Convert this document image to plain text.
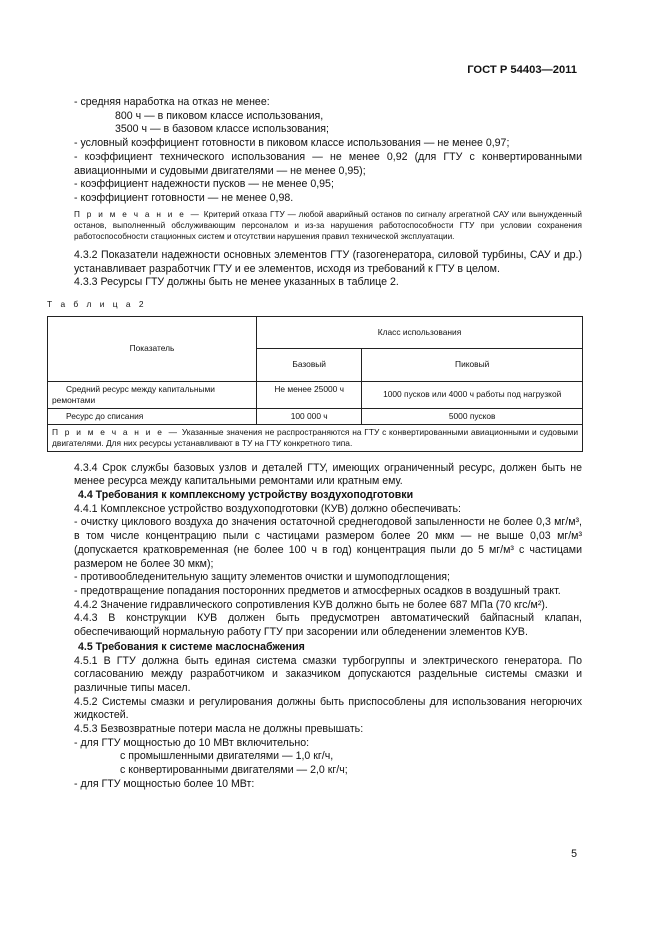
ГОСТ Р 54403—2011

- средняя наработка на отказ не менее:

800 ч — в пиковом классе использования,

3500 ч — в базовом классе использования;

- условный коэффициент готовности в пиковом классе использования — не менее 0,97;

- коэффициент технического использования — не менее 0,92 (для ГТУ с конвертированными авиационными и судовыми двигателями — не менее 0,95);

- коэффициент надежности пусков — не менее 0,95;

- коэффициент готовности — не менее 0,98.

П р и м е ч а н и е — Критерий отказа ГТУ — любой аварийный останов по сигналу агрегатной САУ или вынужденный останов, выполненный обслуживающим персоналом и из-за нарушения работоспособности ГТУ при условии сохранения работоспособности стационных систем и отсутствии нарушения правил технической эксплуатации.

4.3.2 Показатели надежности основных элементов ГТУ (газогенератора, силовой турбины, САУ и др.) устанавливает разработчик ГТУ и ее элементов, исходя из требований к ГТУ в целом.

4.3.3 Ресурсы ГТУ должны быть не менее указанных в таблице 2.

Т а б л и ц а 2
Показатель	Класс использования	
	Базовый	Пиковый
Средний ресурс между капитальными ремонтами	Не менее 25000 ч	1000 пусков или 4000 ч работы под нагрузкой
Ресурс до списания	100 000 ч	5000 пусков
П р и м е ч а н и е — Указанные значения не распространяются на ГТУ с конвертированными авиационными и судовыми двигателями. Для них ресурсы устанавливают в ТУ на ГТУ конкретного типа.		

4.3.4 Срок службы базовых узлов и деталей ГТУ, имеющих ограниченный ресурс, должен быть не менее ресурса между капитальными ремонтами или кратным ему.

4.4 Требования к комплексному устройству воздухоподготовки

4.4.1 Комплексное устройство воздухоподготовки (КУВ) должно обеспечивать:

- очистку циклового воздуха до значения остаточной среднегодовой запыленности не более 0,3 мг/м³, в том числе концентрацию пыли с частицами размером более 20 мкм — не выше 0,03 мг/м³ (допускается кратковременная (не более 100 ч в год) концентрация пыли до 5 мг/м³ с частицами размером не более 30 мкм);

- противообледенительную защиту элементов очистки и шумоподглощения;

- предотвращение попадания посторонних предметов и атмосферных осадков в воздушный тракт.

4.4.2 Значение гидравлического сопротивления КУВ должно быть не более 687 МПа (70 кгс/м²).

4.4.3 В конструкции КУВ должен быть предусмотрен автоматический байпасный клапан, обеспечивающий нормальную работу ГТУ при засорении или обледенении элементов КУВ.

4.5 Требования к системе маслоснабжения

4.5.1 В ГТУ должна быть единая система смазки турбогруппы и электрического генератора. По согласованию между разработчиком и заказчиком допускаются раздельные системы смазки и различные типы масел.

4.5.2 Системы смазки и регулирования должны быть приспособлены для использования негорючих жидкостей.

4.5.3 Безвозвратные потери масла не должны превышать:

- для ГТУ мощностью до 10 МВт включительно:

с промышленными двигателями — 1,0 кг/ч,

с конвертированными двигателями — 2,0 кг/ч;

- для ГТУ мощностью более 10 МВт:

5
